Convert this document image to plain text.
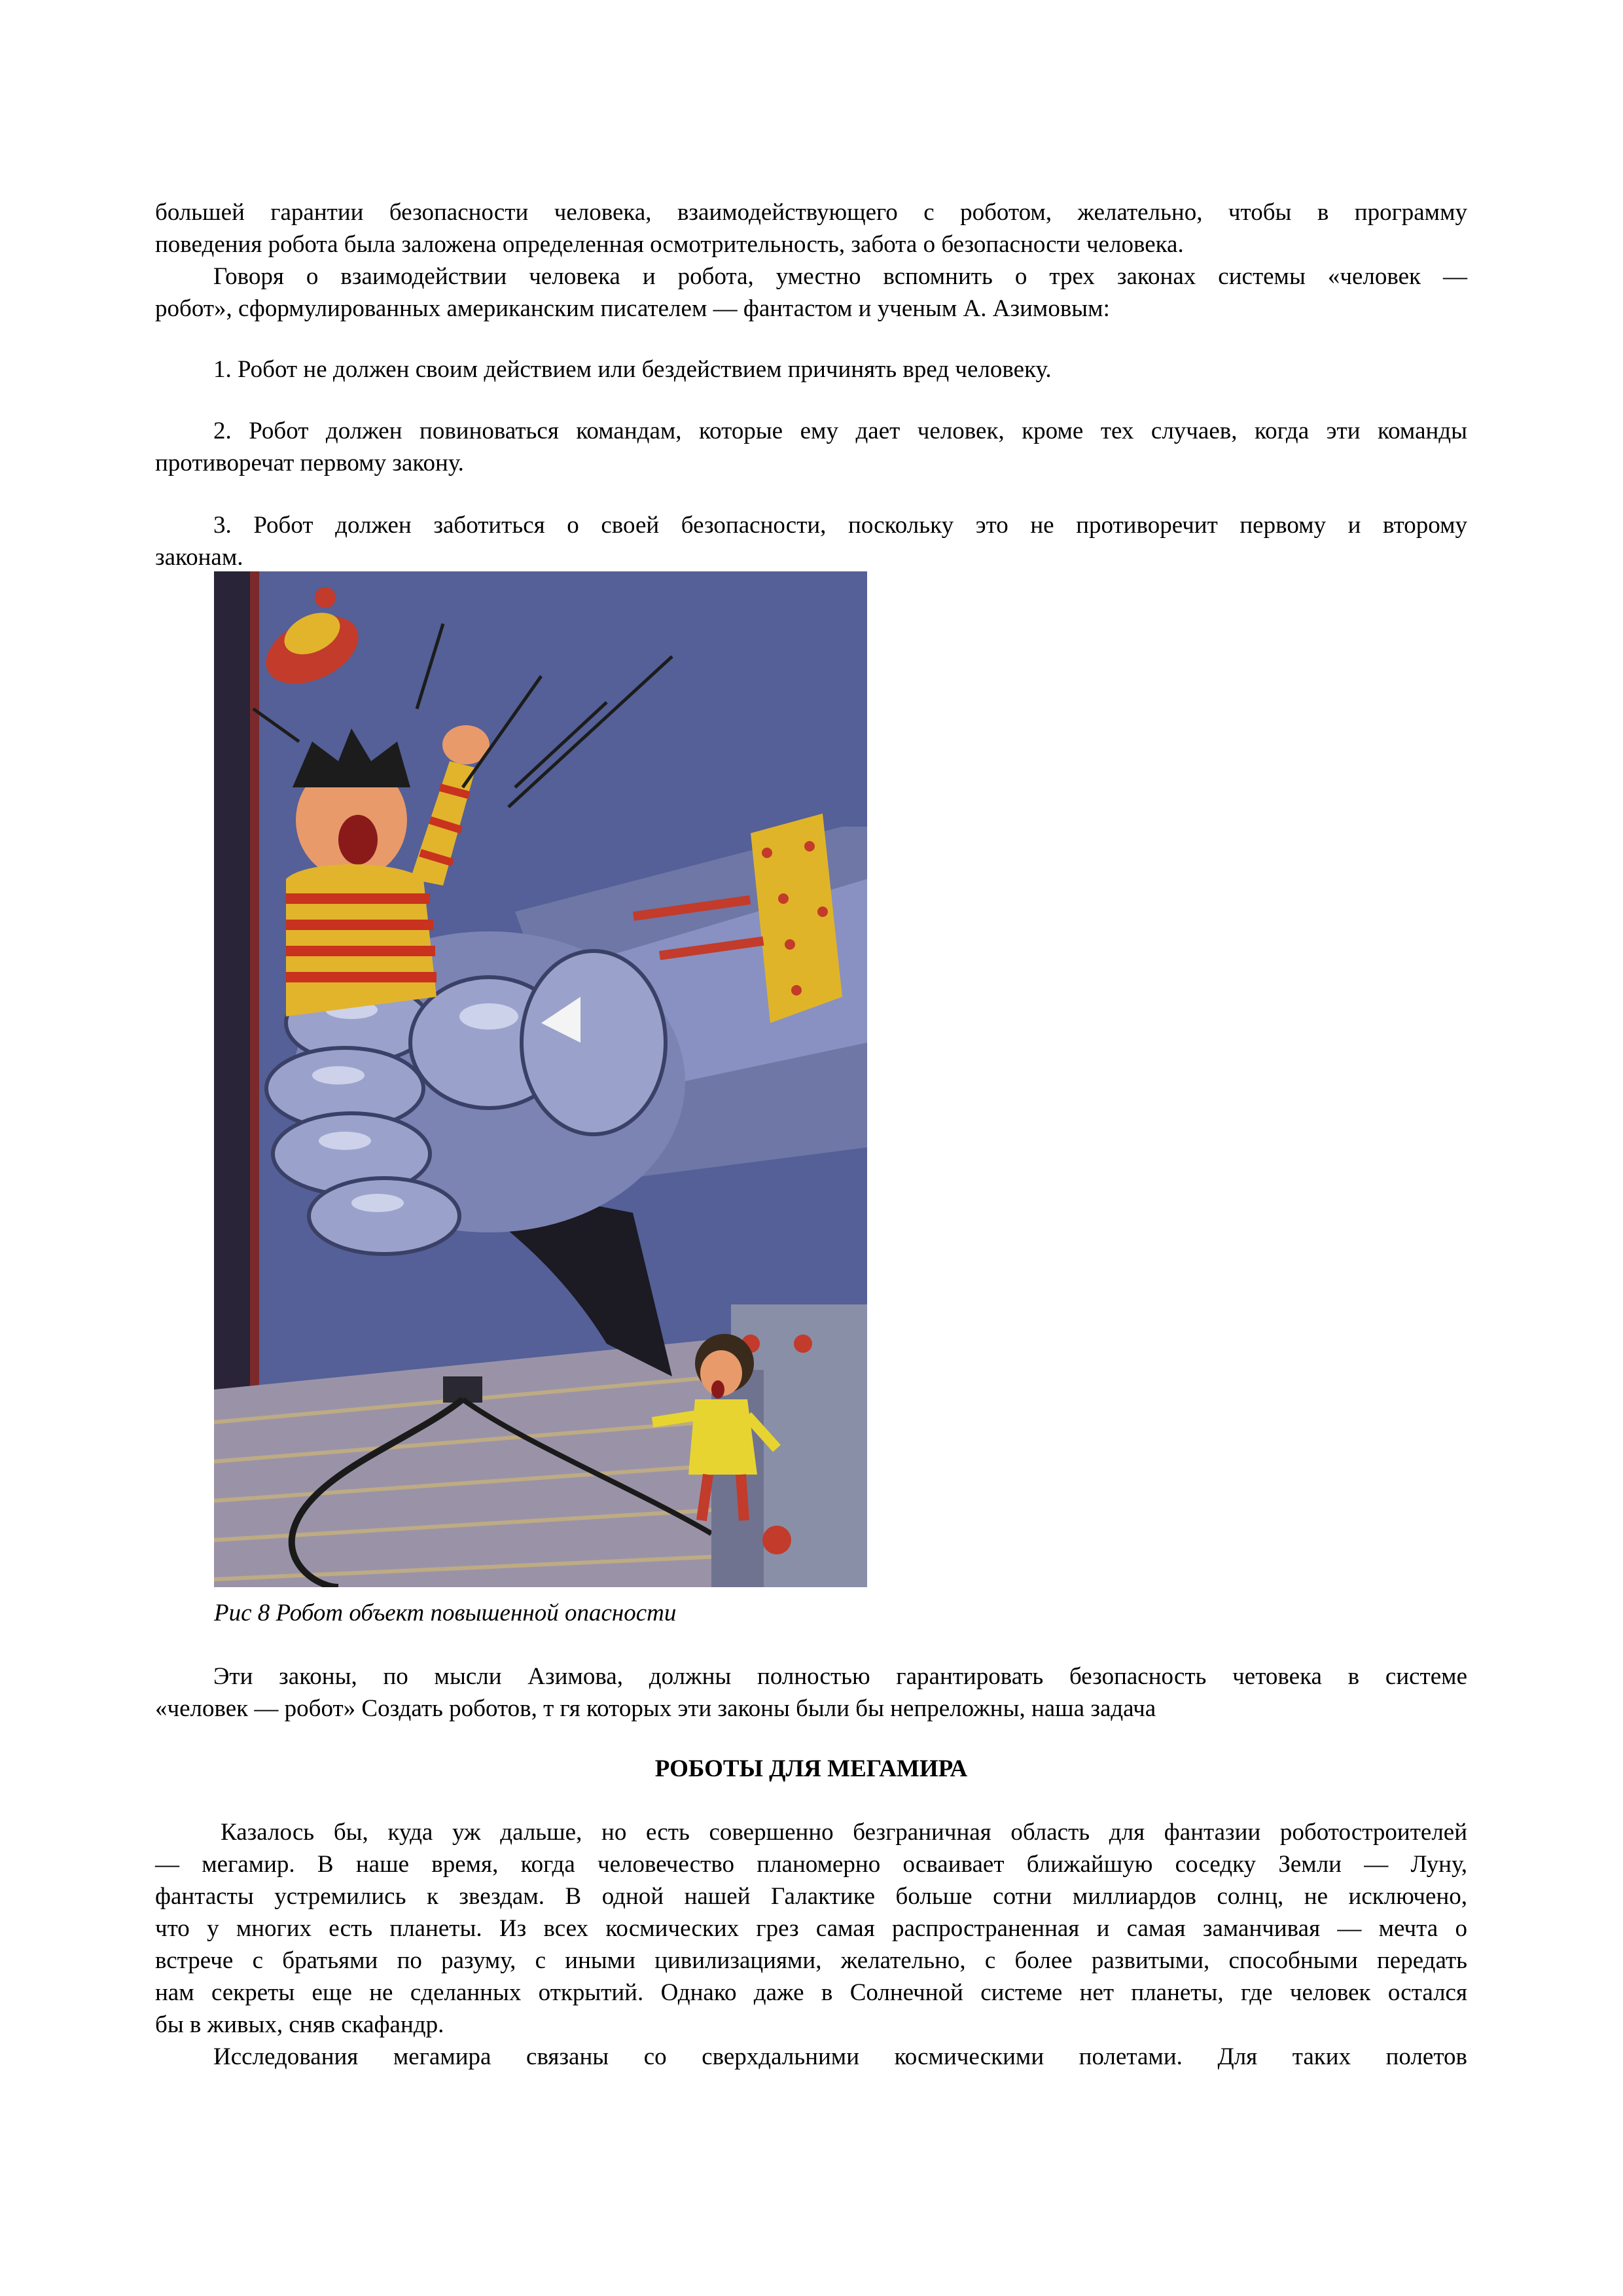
большей гарантии безопасности человека, взаимодействующего с роботом, желательно, чтобы в программу
поведения робота была заложена определенная осмотрительность, забота о безопасности человека.
Говоря о взаимодействии человека и робота, уместно вспомнить о трех законах системы «человек —
робот», сформулированных американским писателем — фантастом и ученым А. Азимовым:
1. Робот не должен своим действием или бездействием причинять вред человеку.
2. Робот должен повиноваться командам, которые ему дает человек, кроме тех случаев, когда эти команды
противоречат первому закону.
3. Робот должен заботиться о своей безопасности, поскольку это не противоречит первому и второму
законам.
Рис 8 Робот объект повышенной опасности
Эти законы, по мысли Азимова, должны полностью гарантировать безопасность четовека в системе
«человек — робот» Создать роботов, т гя которых эти законы были бы непреложны, наша задача
РОБОТЫ ДЛЯ МЕГАМИРА
Казалось бы, куда уж дальше, но есть совершенно безграничная область для фантазии роботостроителей
— мегамир. В наше время, когда человечество планомерно осваивает ближайшую соседку Земли — Луну,
фантасты устремились к звездам. В одной нашей Галактике больше сотни миллиардов солнц, не исключено,
что у многих есть планеты. Из всех космических грез самая распространенная и самая заманчивая — мечта о
встрече с братьями по разуму, с иными цивилизациями, желательно, с более развитыми, способными передать
нам секреты еще не сделанных открытий. Однако даже в Солнечной системе нет планеты, где человек остался
бы в живых, сняв скафандр.
Исследования мегамира связаны со сверхдальними космическими полетами. Для таких полетов
